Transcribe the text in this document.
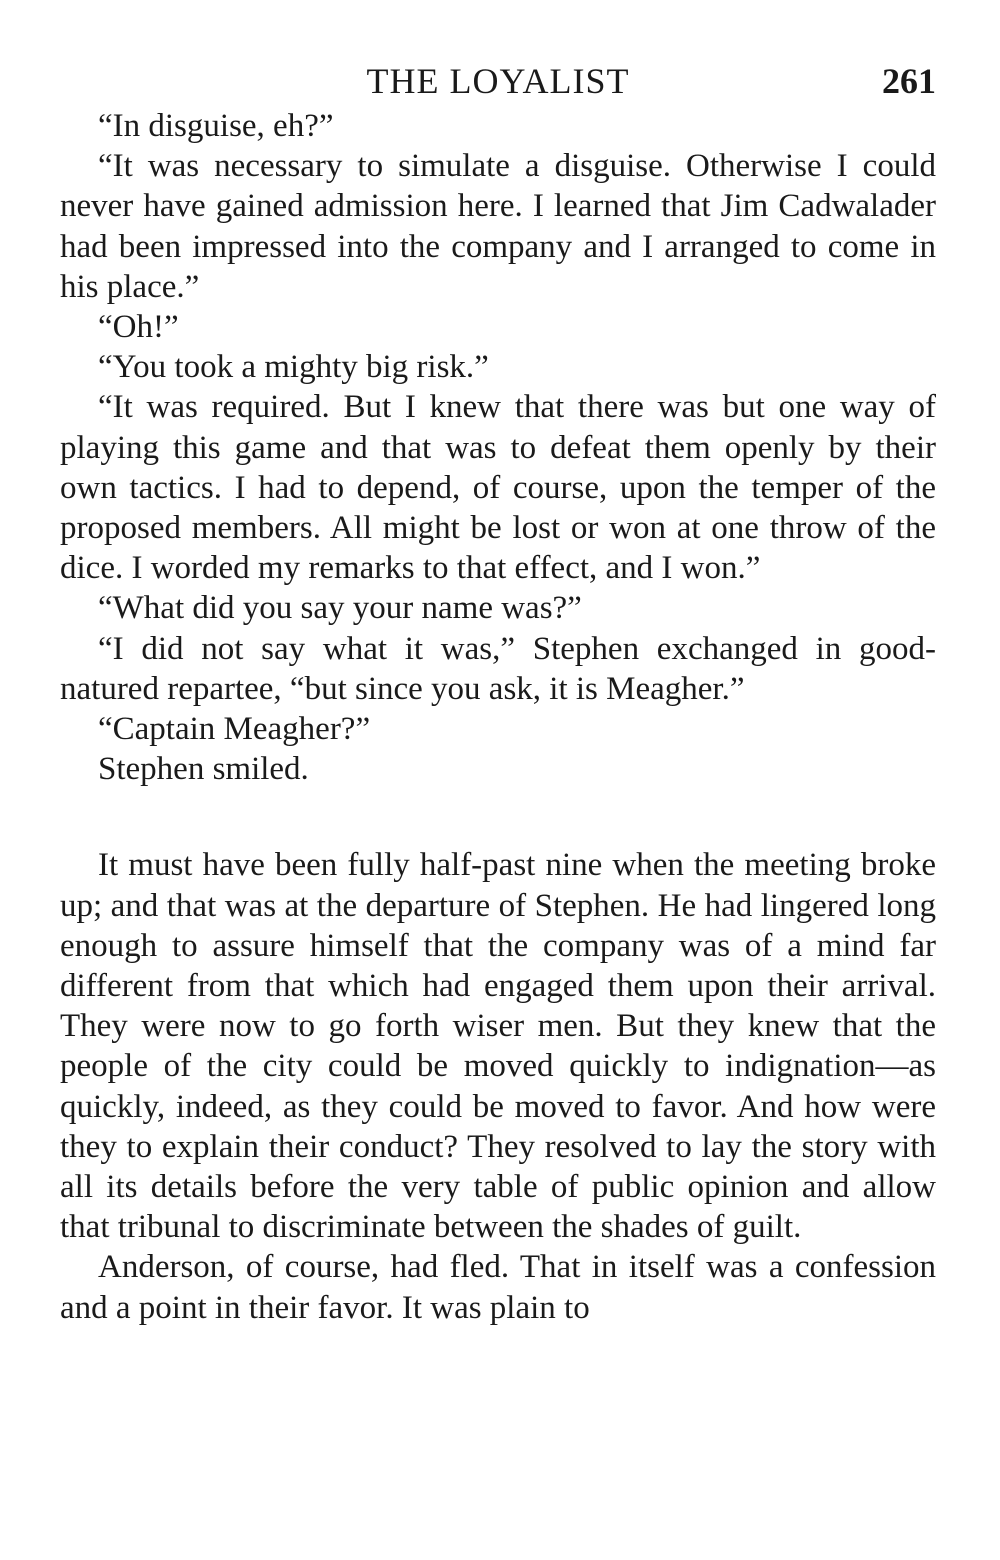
THE LOYALIST	261

“In disguise, eh?”

“It was necessary to simulate a disguise. Otherwise I could never have gained admission here. I learned that Jim Cadwalader had been impressed into the company and I arranged to come in his place.”

“Oh!”

“You took a mighty big risk.”

“It was required. But I knew that there was but one way of playing this game and that was to defeat them openly by their own tactics. I had to depend, of course, upon the temper of the proposed members. All might be lost or won at one throw of the dice. I worded my remarks to that effect, and I won.”

“What did you say your name was?”

“I did not say what it was,” Stephen exchanged in good-natured repartee, “but since you ask, it is Meagher.”

“Captain Meagher?”

Stephen smiled.

It must have been fully half-past nine when the meeting broke up; and that was at the departure of Stephen. He had lingered long enough to assure himself that the company was of a mind far different from that which had engaged them upon their arrival. They were now to go forth wiser men. But they knew that the people of the city could be moved quickly to indignation—as quickly, indeed, as they could be moved to favor. And how were they to explain their conduct? They resolved to lay the story with all its details before the very table of public opinion and allow that tribunal to discriminate between the shades of guilt.

Anderson, of course, had fled. That in itself was a confession and a point in their favor. It was plain to
